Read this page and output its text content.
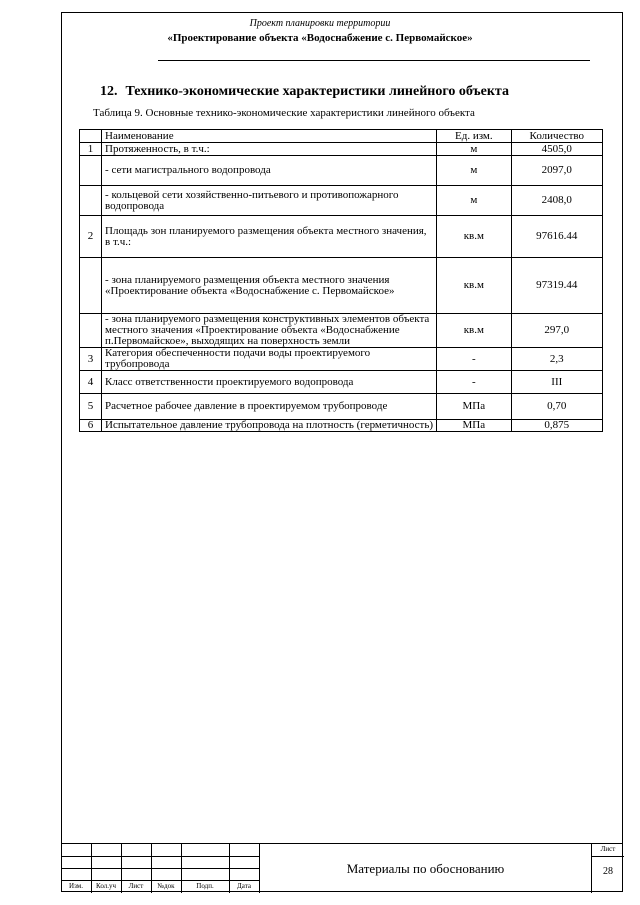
Проект планировки территории
«Проектирование объекта «Водоснабжение с. Первомайское»
12. Технико-экономические характеристики линейного объекта
Таблица 9. Основные технико-экономические характеристики линейного объекта
	Наименование	Ед. изм.	Количество
1	Протяженность, в т.ч.:	м	4505,0
	- сети магистрального водопровода	м	2097,0
	- кольцевой сети хозяйственно-питьевого и противопожарного водопровода	м	2408,0
2	Площадь зон планируемого размещения объекта местного значения, в т.ч.:	кв.м	97616.44
	- зона планируемого размещения объекта местного значения «Проектирование объекта «Водоснабжение с. Первомайское»	кв.м	97319.44
	- зона планируемого размещения конструктивных элементов объекта местного значения «Проектирование объекта «Водоснабжение п.Первомайское», выходящих на поверхность земли	кв.м	297,0
3	Категория обеспеченности подачи воды проектируемого трубопровода	-	2,3
4	Класс ответственности проектируемого водопровода	-	III
5	Расчетное рабочее давление в проектируемом трубопроводе	МПа	0,70
6	Испытательное давление трубопровода на плотность (герметичность)	МПа	0,875
Изм.	Кол.уч	Лист	№док	Подп.	Дата
Материалы по обоснованию
Лист
28
